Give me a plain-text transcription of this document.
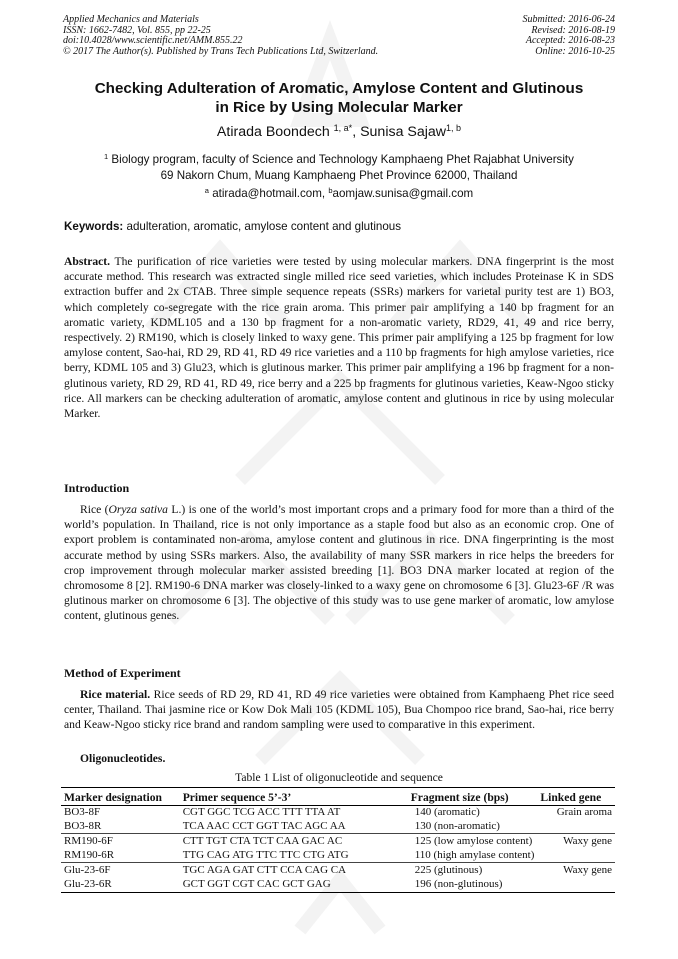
Applied Mechanics and Materials
ISSN: 1662-7482, Vol. 855, pp 22-25
doi:10.4028/www.scientific.net/AMM.855.22
© 2017 The Author(s). Published by Trans Tech Publications Ltd, Switzerland.
Submitted: 2016-06-24
Revised: 2016-08-19
Accepted: 2016-08-23
Online: 2016-10-25
Checking Adulteration of Aromatic, Amylose Content and Glutinous
in Rice by Using Molecular Marker
Atirada Boondech $^{1, a*}$, Sunisa Sajaw$^{1, b}$
$^1$ Biology program, faculty of Science and Technology Kamphaeng Phet Rajabhat University
69 Nakorn Chum, Muang Kamphaeng Phet Province 62000, Thailand
$^a$ atirada@hotmail.com, $^b$aomjaw.sunisa@gmail.com
Keywords: adulteration, aromatic, amylose content and glutinous
Abstract. The purification of rice varieties were tested by using molecular markers. DNA fingerprint is the most accurate method. This research was extracted single milled rice seed varieties, which includes Proteinase K in SDS extraction buffer and 2x CTAB. Three simple sequence repeats (SSRs) markers for varietal purity test are 1) BO3, which completely co-segregate with the rice grain aroma. This primer pair amplifying a 140 bp fragment for an aromatic variety, KDML105 and a 130 bp fragment for a non-aromatic variety, RD29, 41, 49 and rice berry, respectively. 2) RM190, which is closely linked to waxy gene. This primer pair amplifying a 125 bp fragment for low amylose content, Sao-hai, RD 29, RD 41, RD 49 rice varieties and a 110 bp fragments for high amylose varieties, rice berry, KDML 105 and 3) Glu23, which is glutinous marker. This primer pair amplifying a 196 bp fragment for a non-glutinous variety, RD 29, RD 41, RD 49, rice berry and a 225 bp fragments for glutinous varieties, Keaw-Ngoo sticky rice. All markers can be checking adulteration of aromatic, amylose content and glutinous in rice by using molecular Marker.
Introduction
Rice (Oryza sativa L.) is one of the world’s most important crops and a primary food for more than a third of the world’s population. In Thailand, rice is not only importance as a staple food but also as an economic crop. One of export problem is contaminated non-aroma, amylose content and glutinous in rice. DNA fingerprinting is the most accurate method by using SSRs markers. Also, the availability of many SSR markers in rice helps the breeders for crop improvement through molecular marker assisted breeding [1]. BO3 DNA marker located at region of the chromosome 8 [2]. RM190-6 DNA marker was closely-linked to a waxy gene on chromosome 6 [3]. Glu23-6F /R was glutinous marker on chromosome 6 [3]. The objective of this study was to use gene marker of aromatic, low amylose content, glutinous genes.
Method of Experiment
Rice material. Rice seeds of RD 29, RD 41, RD 49 rice varieties were obtained from Kamphaeng Phet rice seed center, Thailand. Thai jasmine rice or Kow Dok Mali 105 (KDML 105), Bua Chompoo rice brand, Sao-hai, rice berry and Keaw-Ngoo sticky rice brand and random sampling were used to comparative in this experiment.
Oligonucleotides.
Table 1 List of oligonucleotide and sequence
Marker designation	Primer sequence 5’-3’	Fragment size (bps)	Linked gene
BO3-8F	CGT GGC TCG ACC TTT TTA AT	140 (aromatic)	Grain aroma
BO3-8R	TCA AAC CCT GGT TAC AGC AA	130 (non-aromatic)	
RM190-6F	CTT TGT CTA TCT CAA GAC AC	125 (low amylose content)	Waxy gene
RM190-6R	TTG CAG ATG TTC TTC CTG ATG	110 (high amylase content)	
Glu-23-6F	TGC AGA GAT CTT CCA CAG CA	225 (glutinous)	Waxy gene
Glu-23-6R	GCT GGT CGT CAC GCT GAG	196 (non-glutinous)	
